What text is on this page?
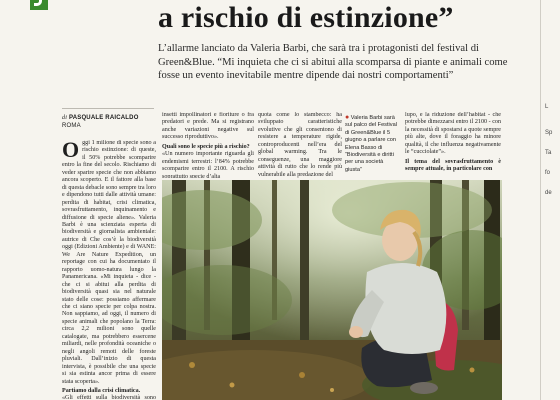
a rischio di estinzione”
L’allarme lanciato da Valeria Barbi, che sarà tra i protagonisti del festival di Green&Blue. “Mi inquieta che ci si abitui alla scomparsa di piante e animali come fosse un evento inevitabile mentre dipende dai nostri comportamenti”
di PASQUALE RAICALDO
ROMA

Oggi 1 milione di specie sono a rischio estinzione: di queste, il 50% potrebbe scomparire entro la fine del secolo. Rischiamo di veder sparire specie che non abbiamo ancora scoperto. E il fattore alla base di questa debacle sono sempre tra loro e dipendono tutti dalle attività umane: perdita di habitat, crisi climatica, sovrasfruttamento, inquinamento e diffusione di specie aliene». Valeria Barbi è una scienziata esperta di biodiversità e giornalista ambientale: autrice di Che cos’è la biodiversità oggi (Edizioni Ambiente) e di WANE: We Are Nature Expedition, un reportage con cui ha documentato il rapporto uomo-natura lungo la Panamericana. «Mi inquieta - dice - che ci si abitui alla perdita di biodiversità quasi sia nel naturale stato delle cose: possiamo affermare che ci siano specie per colpa nostra. Non sappiamo, ad oggi, il numero di specie animali che popolano la Terra: circa 2,2 milioni sono quelle catalogate, ma potrebbero essercene miliardi, nelle profondità oceaniche o negli angoli remoti delle foreste pluviali. Dall’inizio di questa intervista, è possibile che una specie si sia estinta ancor prima di essere stata scoperta».

Partiamo dalla crisi climatica.

«Gli effetti sulla biodiversità sono

insetti impollinatori e fioriture o fra predatori e prede. Ma si registrano anche variazioni negative sul successo riproduttivo».

Quali sono le specie più a rischio?

«Un numero importante riguarda gli endemismi terrestri: l’84% potrebbe scomparire entro il 2100. A rischio soprattutto specie d’alta

quota come lo stambecco: ha sviluppato caratteristiche evolutive che gli consentono di resistere a temperature rigide, controproducenti nell’era del global warming. Tra le conseguenze, una maggiore attività di rutto che lo rende più vulnerabile alla predazione del

● Valeria Barbi sarà sul palco del Festival di Green&Blue il 5 giugno a parlare con Elena Basso di “Biodiversità e diritti per una società giusta”

lupo, e la riduzione dell’habitat - che potrebbe dimezzarsi entro il 2100 - con la necessità di spostarsi a quote sempre più alte, dove il foraggio ha minore qualità, il che influenza negativamente le “cucciolate”».

Il tema del sovrasfruttamento è sempre attuale, in particolare con
L
Sp
Ta
fo
de
